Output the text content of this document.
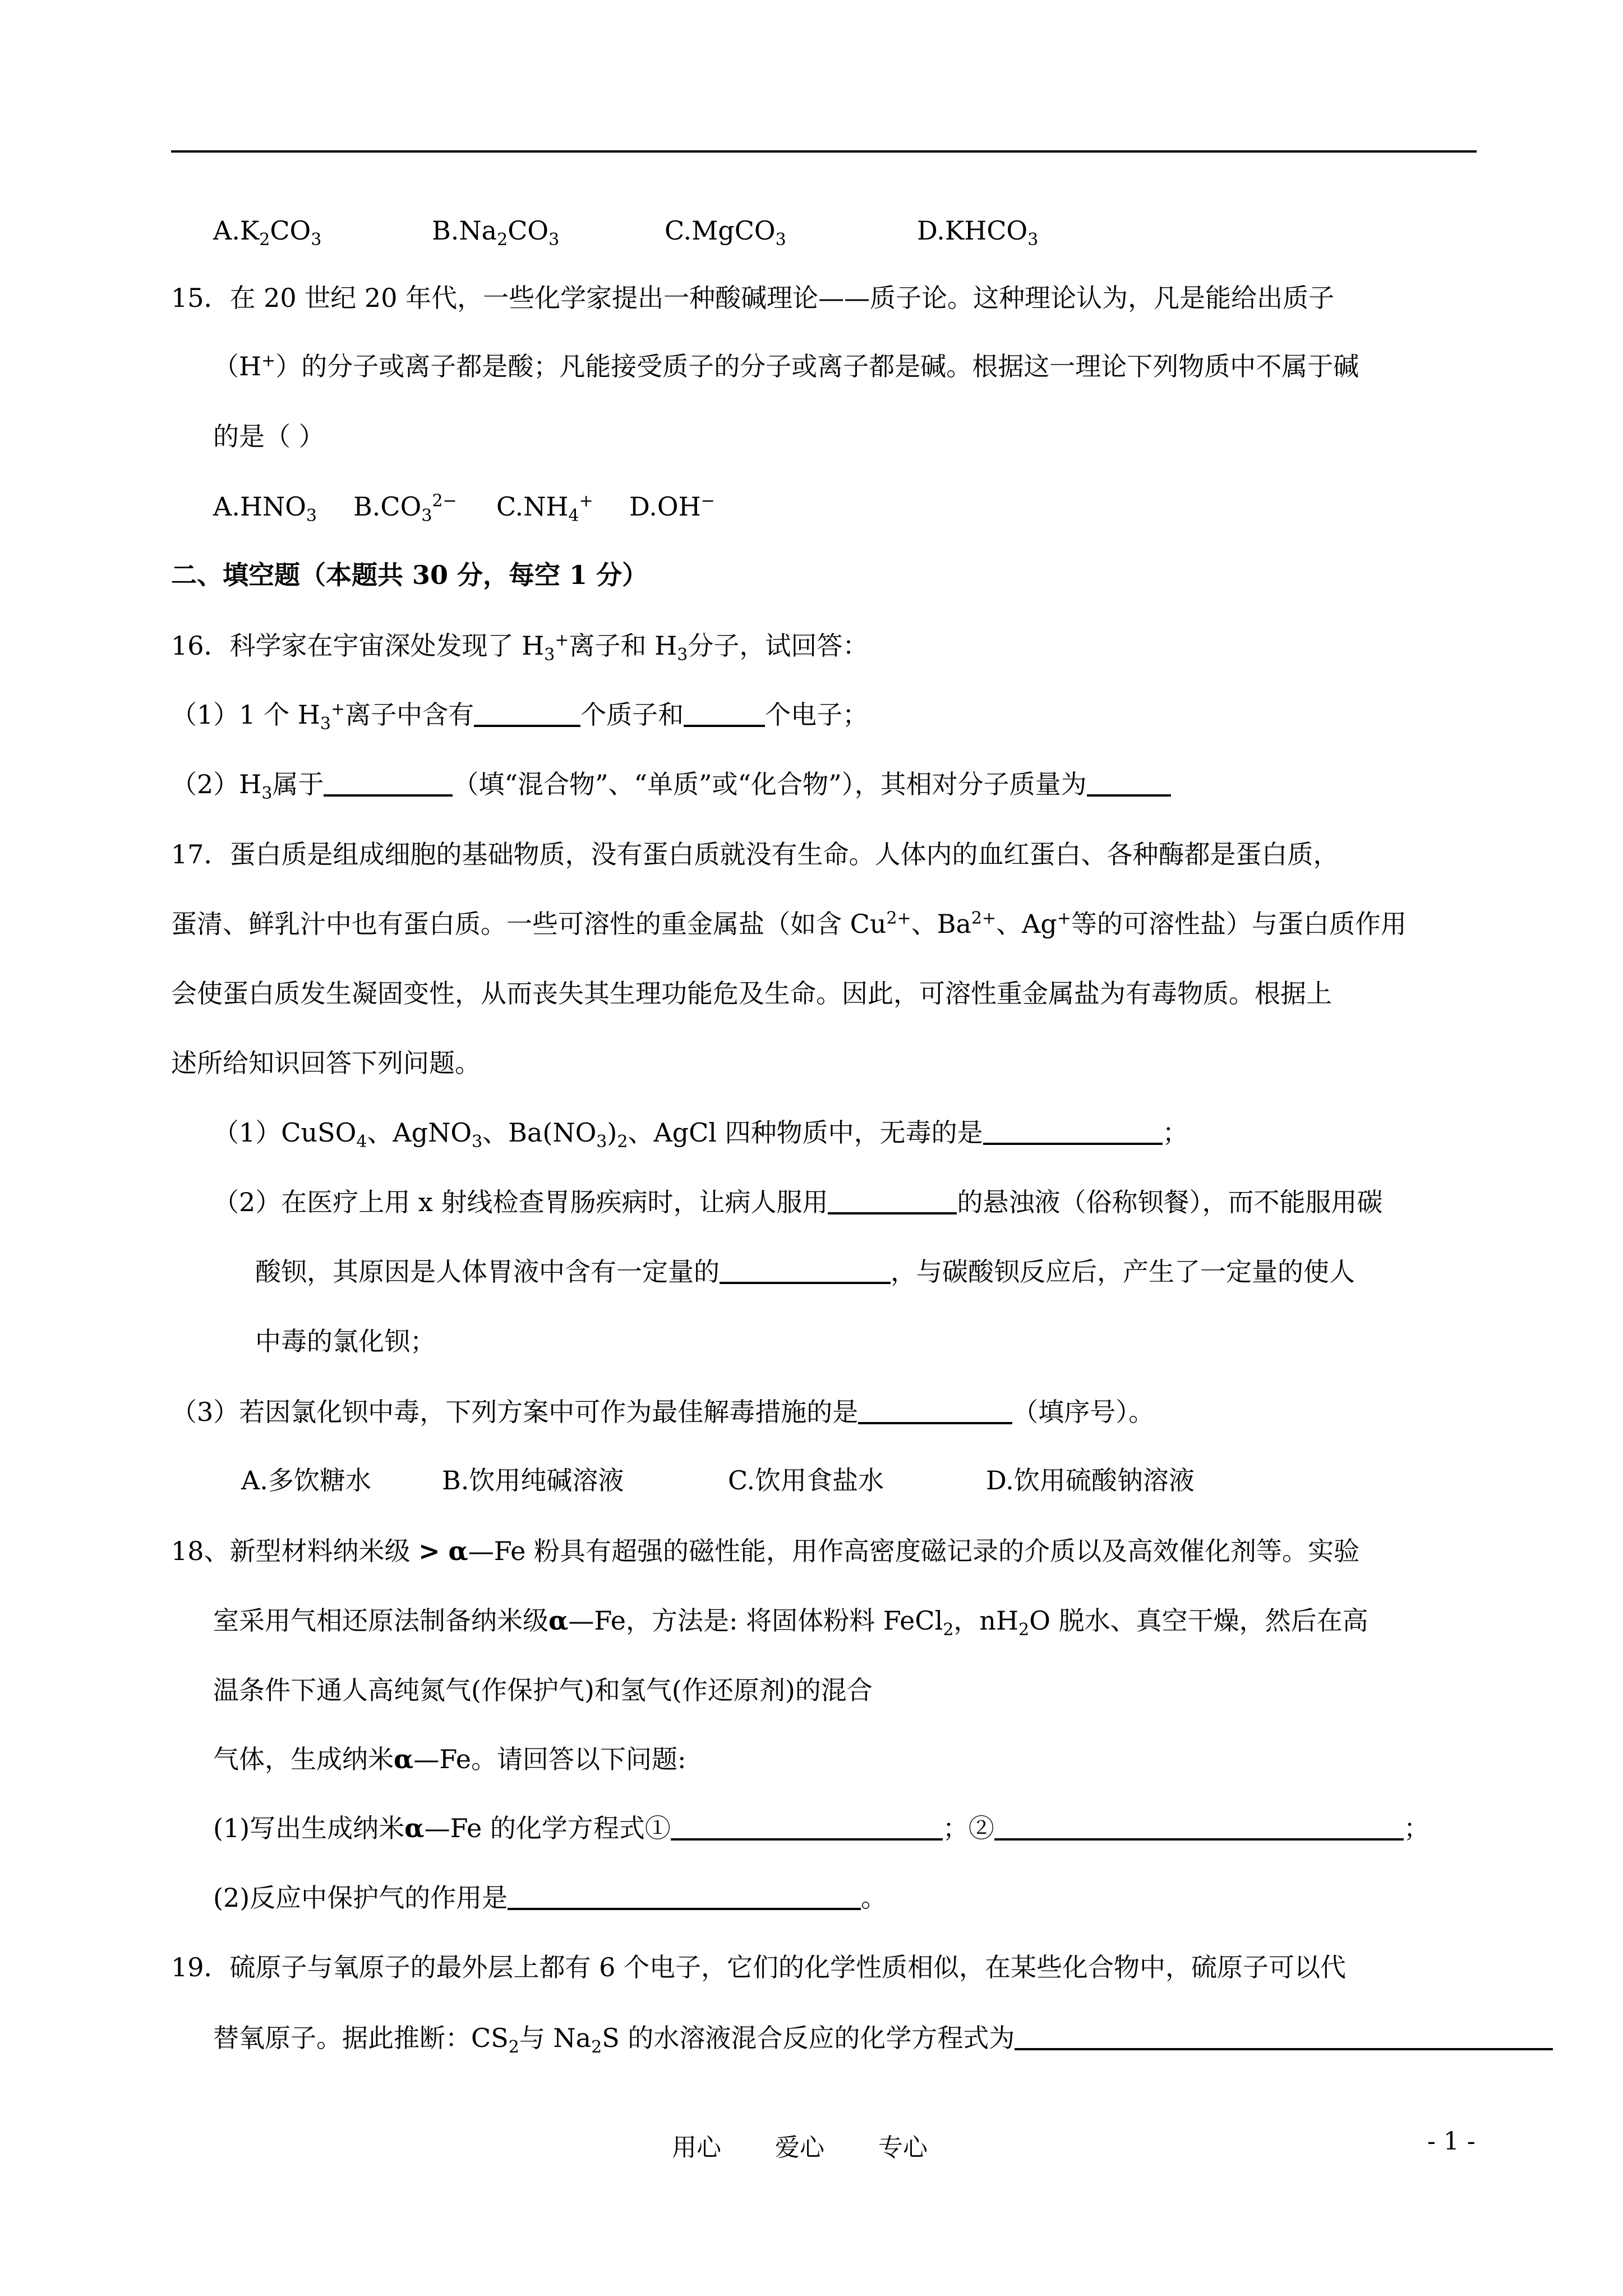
$A.K_2CO_3$	$B.Na_2CO_3$	C.MgCO$_3$	$D.KHCO_3$
15．在 20 世纪 20 年代，一些化学家提出一种酸碱理论——质子论。这种理论认为，凡是能给出质子
（H+）的分子或离子都是酸；凡能接受质子的分子或离子都是碱。根据这一理论下列物质中不属于碱
的是（ ）
$A.HNO_3$ $B.CO_3^{2-}$ $C.NH_4^+$ D.OH−
二、填空题（本题共 30 分，每空 1 分）
16．科学家在宇宙深处发现了 $H_3^+$离子和 $H_3$分子，试回答：
（1）1 个 $H_3^+$离子中含有	个质子和	个电子；
$(2)H_3$属于	（填“混合物”、“单质”或“化合物”），其相对分子质量为
17．蛋白质是组成细胞的基础物质，没有蛋白质就没有生命。人体内的血红蛋白、各种酶都是蛋白质，
蛋清、鲜乳汁中也有蛋白质。一些可溶性的重金属盐（如含 $Cu^{2+}$、$Ba^{2+}$、Ag+等的可溶性盐）与蛋白质作用
会使蛋白质发生凝固变性，从而丧失其生理功能危及生命。因此，可溶性重金属盐为有毒物质。根据上
述所给知识回答下列问题。
（1）CuSO$_4$、AgNO$_3$、$Ba(NO_3)_2$、AgCl 四种物质中，无毒的是	；
（2）在医疗上用 x 射线检查胃肠疾病时，让病人服用	的悬浊液（俗称钡餐），而不能服用碳
酸钡，其原因是人体胃液中含有一定量的	，与碳酸钡反应后，产生了一定量的使人
中毒的氯化钡；
（3）若因氯化钡中毒，下列方案中可作为最佳解毒措施的是	（填序号）。
A.多饮糖水	B.饮用纯碱溶液	C.饮用食盐水	D.饮用硫酸钠溶液
18、新型材料纳米级 > α—Fe 粉具有超强的磁性能，用作高密度磁记录的介质以及高效催化剂等。实验
室采用气相还原法制备纳米级α—Fe，方法是: 将固体粉料 FeCl$_2$，$nH_2O$ 脱水、真空干燥，然后在高
温条件下通人高纯氮气(作保护气)和氢气(作还原剂)的混合
气体，生成纳米α—Fe。请回答以下问题:
(1)写出生成纳米α—Fe 的化学方程式①	；②	；
(2)反应中保护气的作用是	。
19．硫原子与氧原子的最外层上都有 6 个电子，它们的化学性质相似，在某些化合物中，硫原子可以代
替氧原子。据此推断：$CS_2$与 $Na_2S$ 的水溶液混合反应的化学方程式为
用心 爱心 专心	- 1 -
